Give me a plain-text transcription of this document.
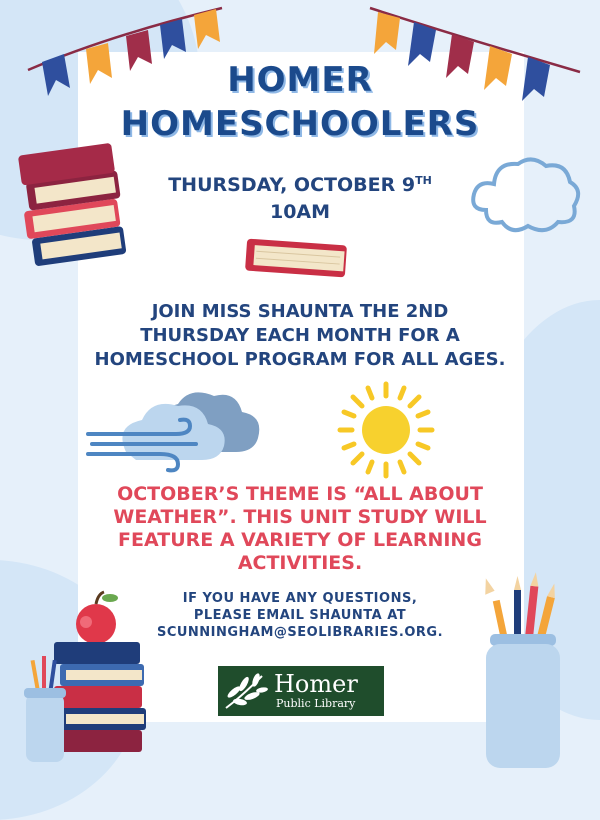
HOMER
HOMESCHOOLERS
THURSDAY, OCTOBER 9TH
10AM
JOIN MISS SHAUNTA THE 2ND
THURSDAY EACH MONTH FOR A
HOMESCHOOL PROGRAM FOR ALL AGES.
OCTOBER’S THEME IS “ALL ABOUT
WEATHER”. THIS UNIT STUDY WILL
FEATURE A VARIETY OF LEARNING
ACTIVITIES.
IF YOU HAVE ANY QUESTIONS,
PLEASE EMAIL SHAUNTA AT
SCUNNINGHAM@SEOLIBRARIES.ORG.
Homer
Public Library
